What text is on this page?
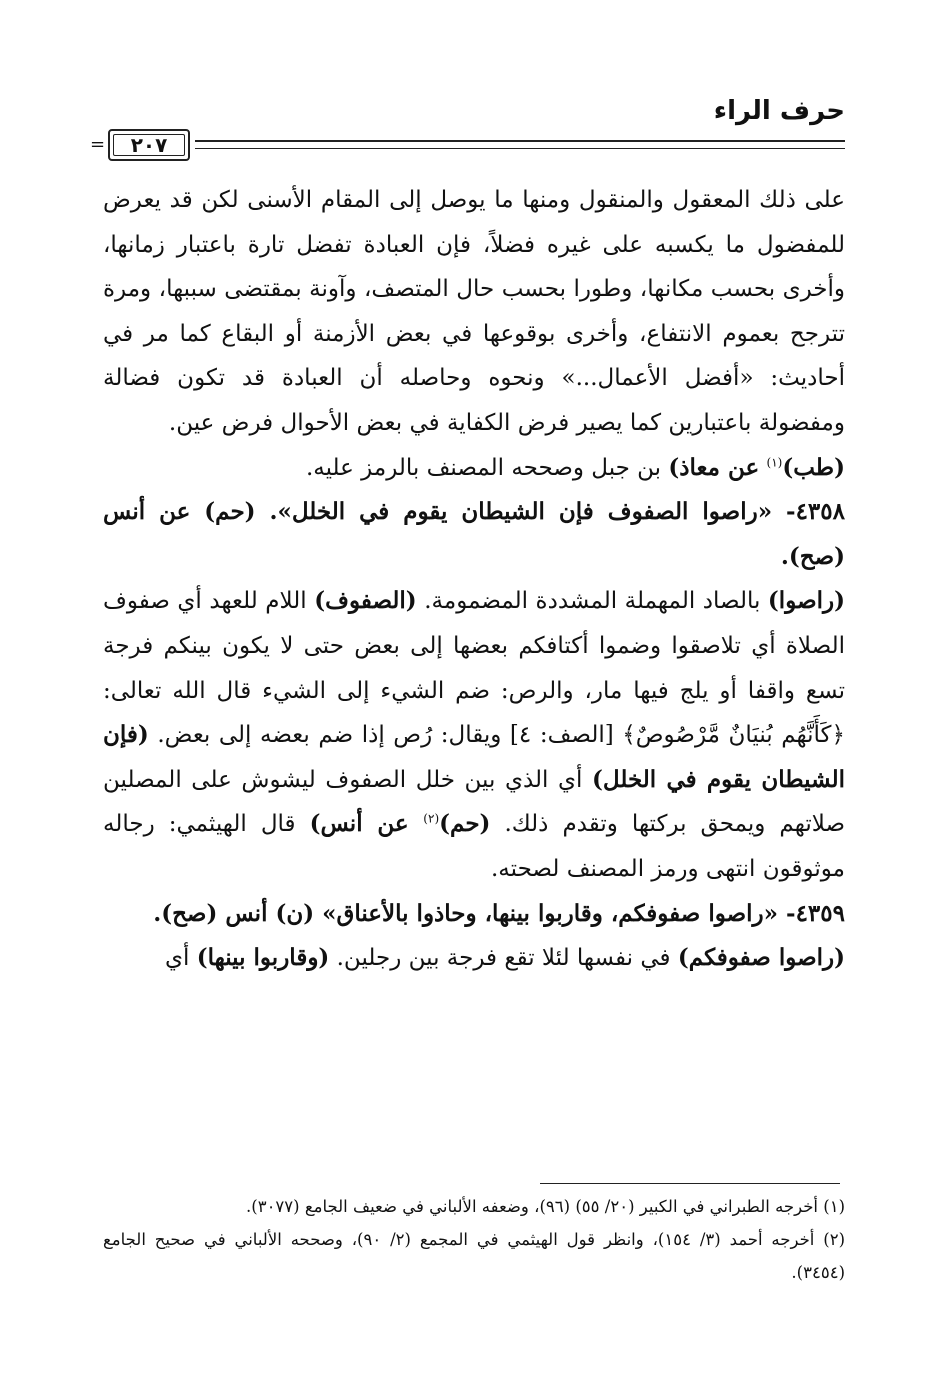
حرف الراء
=	٢٠٧

على ذلك المعقول والمنقول ومنها ما يوصل إلى المقام الأسنى لكن قد يعرض للمفضول ما يكسبه على غيره فضلاً، فإن العبادة تفضل تارة باعتبار زمانها، وأخرى بحسب مكانها، وطورا بحسب حال المتصف، وآونة بمقتضى سببها، ومرة تترجح بعموم الانتفاع، وأخرى بوقوعها في بعض الأزمنة أو البقاع كما مر في أحاديث: «أفضل الأعمال...» ونحوه وحاصله أن العبادة قد تكون فضالة ومفضولة باعتبارين كما يصير فرض الكفاية في بعض الأحوال فرض عين.

(طب)$^{(١)}$ عن معاذ) بن جبل وصححه المصنف بالرمز عليه.

٤٣٥٨- «راصوا الصفوف فإن الشيطان يقوم في الخلل». (حم) عن أنس (صح).

(راصوا) بالصاد المهملة المشددة المضمومة. (الصفوف) اللام للعهد أي صفوف الصلاة أي تلاصقوا وضموا أكتافكم بعضها إلى بعض حتى لا يكون بينكم فرجة تسع واقفا أو يلج فيها مار، والرص: ضم الشيء إلى الشيء قال الله تعالى: ﴿كَأَنَّهُم بُنيَانٌ مَّرْصُوصٌ﴾ [الصف: ٤] ويقال: رُص إذا ضم بعضه إلى بعض. (فإن الشيطان يقوم في الخلل) أي الذي بين خلل الصفوف ليشوش على المصلين صلاتهم ويمحق بركتها وتقدم ذلك. (حم)$^{(٢)}$ عن أنس) قال الهيثمي: رجاله موثوقون انتهى ورمز المصنف لصحته.

٤٣٥٩- «راصوا صفوفكم، وقاربوا بينها، وحاذوا بالأعناق» (ن) أنس (صح).

(راصوا صفوفكم) في نفسها لئلا تقع فرجة بين رجلين. (وقاربوا بينها) أي

(١) أخرجه الطبراني في الكبير (٢٠/ ٥٥) (٩٦)، وضعفه الألباني في ضعيف الجامع (٣٠٧٧).

(٢) أخرجه أحمد (٣/ ١٥٤)، وانظر قول الهيثمي في المجمع (٢/ ٩٠)، وصححه الألباني في صحيح الجامع (٣٤٥٤).
